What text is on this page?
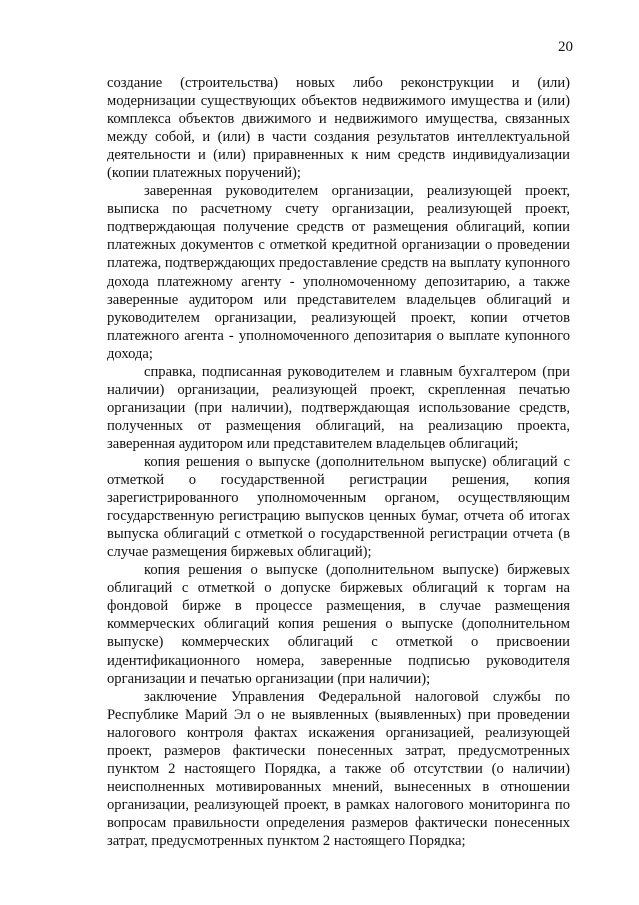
20

создание (строительства) новых либо реконструкции и (или) модернизации существующих объектов недвижимого имущества и (или) комплекса объектов движимого и недвижимого имущества, связанных между собой, и (или) в части создания результатов интеллектуальной деятельности и (или) приравненных к ним средств индивидуализации (копии платежных поручений);

заверенная руководителем организации, реализующей проект, выписка по расчетному счету организации, реализующей проект, подтверждающая получение средств от размещения облигаций, копии платежных документов с отметкой кредитной организации о проведении платежа, подтверждающих предоставление средств на выплату купонного дохода платежному агенту - уполномоченному депозитарию, а также заверенные аудитором или представителем владельцев облигаций и руководителем организации, реализующей проект, копии отчетов платежного агента - уполномоченного депозитария о выплате купонного дохода;

справка, подписанная руководителем и главным бухгалтером (при наличии) организации, реализующей проект, скрепленная печатью организации (при наличии), подтверждающая использование средств, полученных от размещения облигаций, на реализацию проекта, заверенная аудитором или представителем владельцев облигаций;

копия решения о выпуске (дополнительном выпуске) облигаций с отметкой о государственной регистрации решения, копия зарегистрированного уполномоченным органом, осуществляющим государственную регистрацию выпусков ценных бумаг, отчета об итогах выпуска облигаций с отметкой о государственной регистрации отчета (в случае размещения биржевых облигаций);

копия решения о выпуске (дополнительном выпуске) биржевых облигаций с отметкой о допуске биржевых облигаций к торгам на фондовой бирже в процессе размещения, в случае размещения коммерческих облигаций копия решения о выпуске (дополнительном выпуске) коммерческих облигаций с отметкой о присвоении идентификационного номера, заверенные подписью руководителя организации и печатью организации (при наличии);

заключение Управления Федеральной налоговой службы по Республике Марий Эл о не выявленных (выявленных) при проведении налогового контроля фактах искажения организацией, реализующей проект, размеров фактически понесенных затрат, предусмотренных пунктом 2 настоящего Порядка, а также об отсутствии (о наличии) неисполненных мотивированных мнений, вынесенных в отношении организации, реализующей проект, в рамках налогового мониторинга по вопросам правильности определения размеров фактически понесенных затрат, предусмотренных пунктом 2 настоящего Порядка;
